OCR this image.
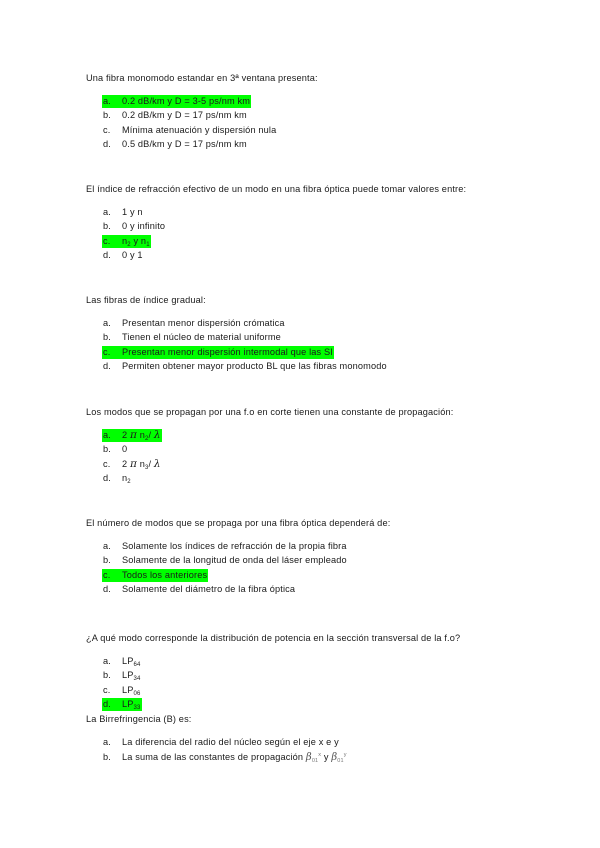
Una fibra monomodo estandar en 3ª ventana presenta:
a. 0.2 dB/km y D = 3-5 ps/nm km
b. 0.2 dB/km y D = 17 ps/nm km
c. Mínima atenuación y dispersión nula
d. 0.5 dB/km y D = 17 ps/nm km
El índice de refracción efectivo de un modo en una fibra óptica puede tomar valores entre:
a. 1 y n
b. 0 y infinito
c. $n_2$ y $n_1$
d. 0 y 1
Las fibras de índice gradual:
a. Presentan menor dispersión crómatica
b. Tienen el núcleo de material uniforme
c. Presentan menor dispersión intermodal que las SI
d. Permiten obtener mayor producto BL que las fibras monomodo
Los modos que se propagan por una f.o en corte tienen una constante de propagación:
a. 2 π $n_2/$ λ
b. 0
c. 2 π $n_3/$ λ
d. $n_2$
El número de modos que se propaga por una fibra óptica dependerá de:
a. Solamente los índices de refracción de la propia fibra
b. Solamente de la longitud de onda del láser empleado
c. Todos los anteriores
d. Solamente del diámetro de la fibra óptica
¿A qué modo corresponde la distribución de potencia en la sección transversal de la f.o?
a. $LP_{64}$
b. $LP_{34}$
c. $LP_{06}$
d. $LP_{33}$
La Birrefringencia (B) es:
a. La diferencia del radio del núcleo según el eje x e y
b. La suma de las constantes de propagación $\beta_{01}^x$ y $\beta_{01}^y$
